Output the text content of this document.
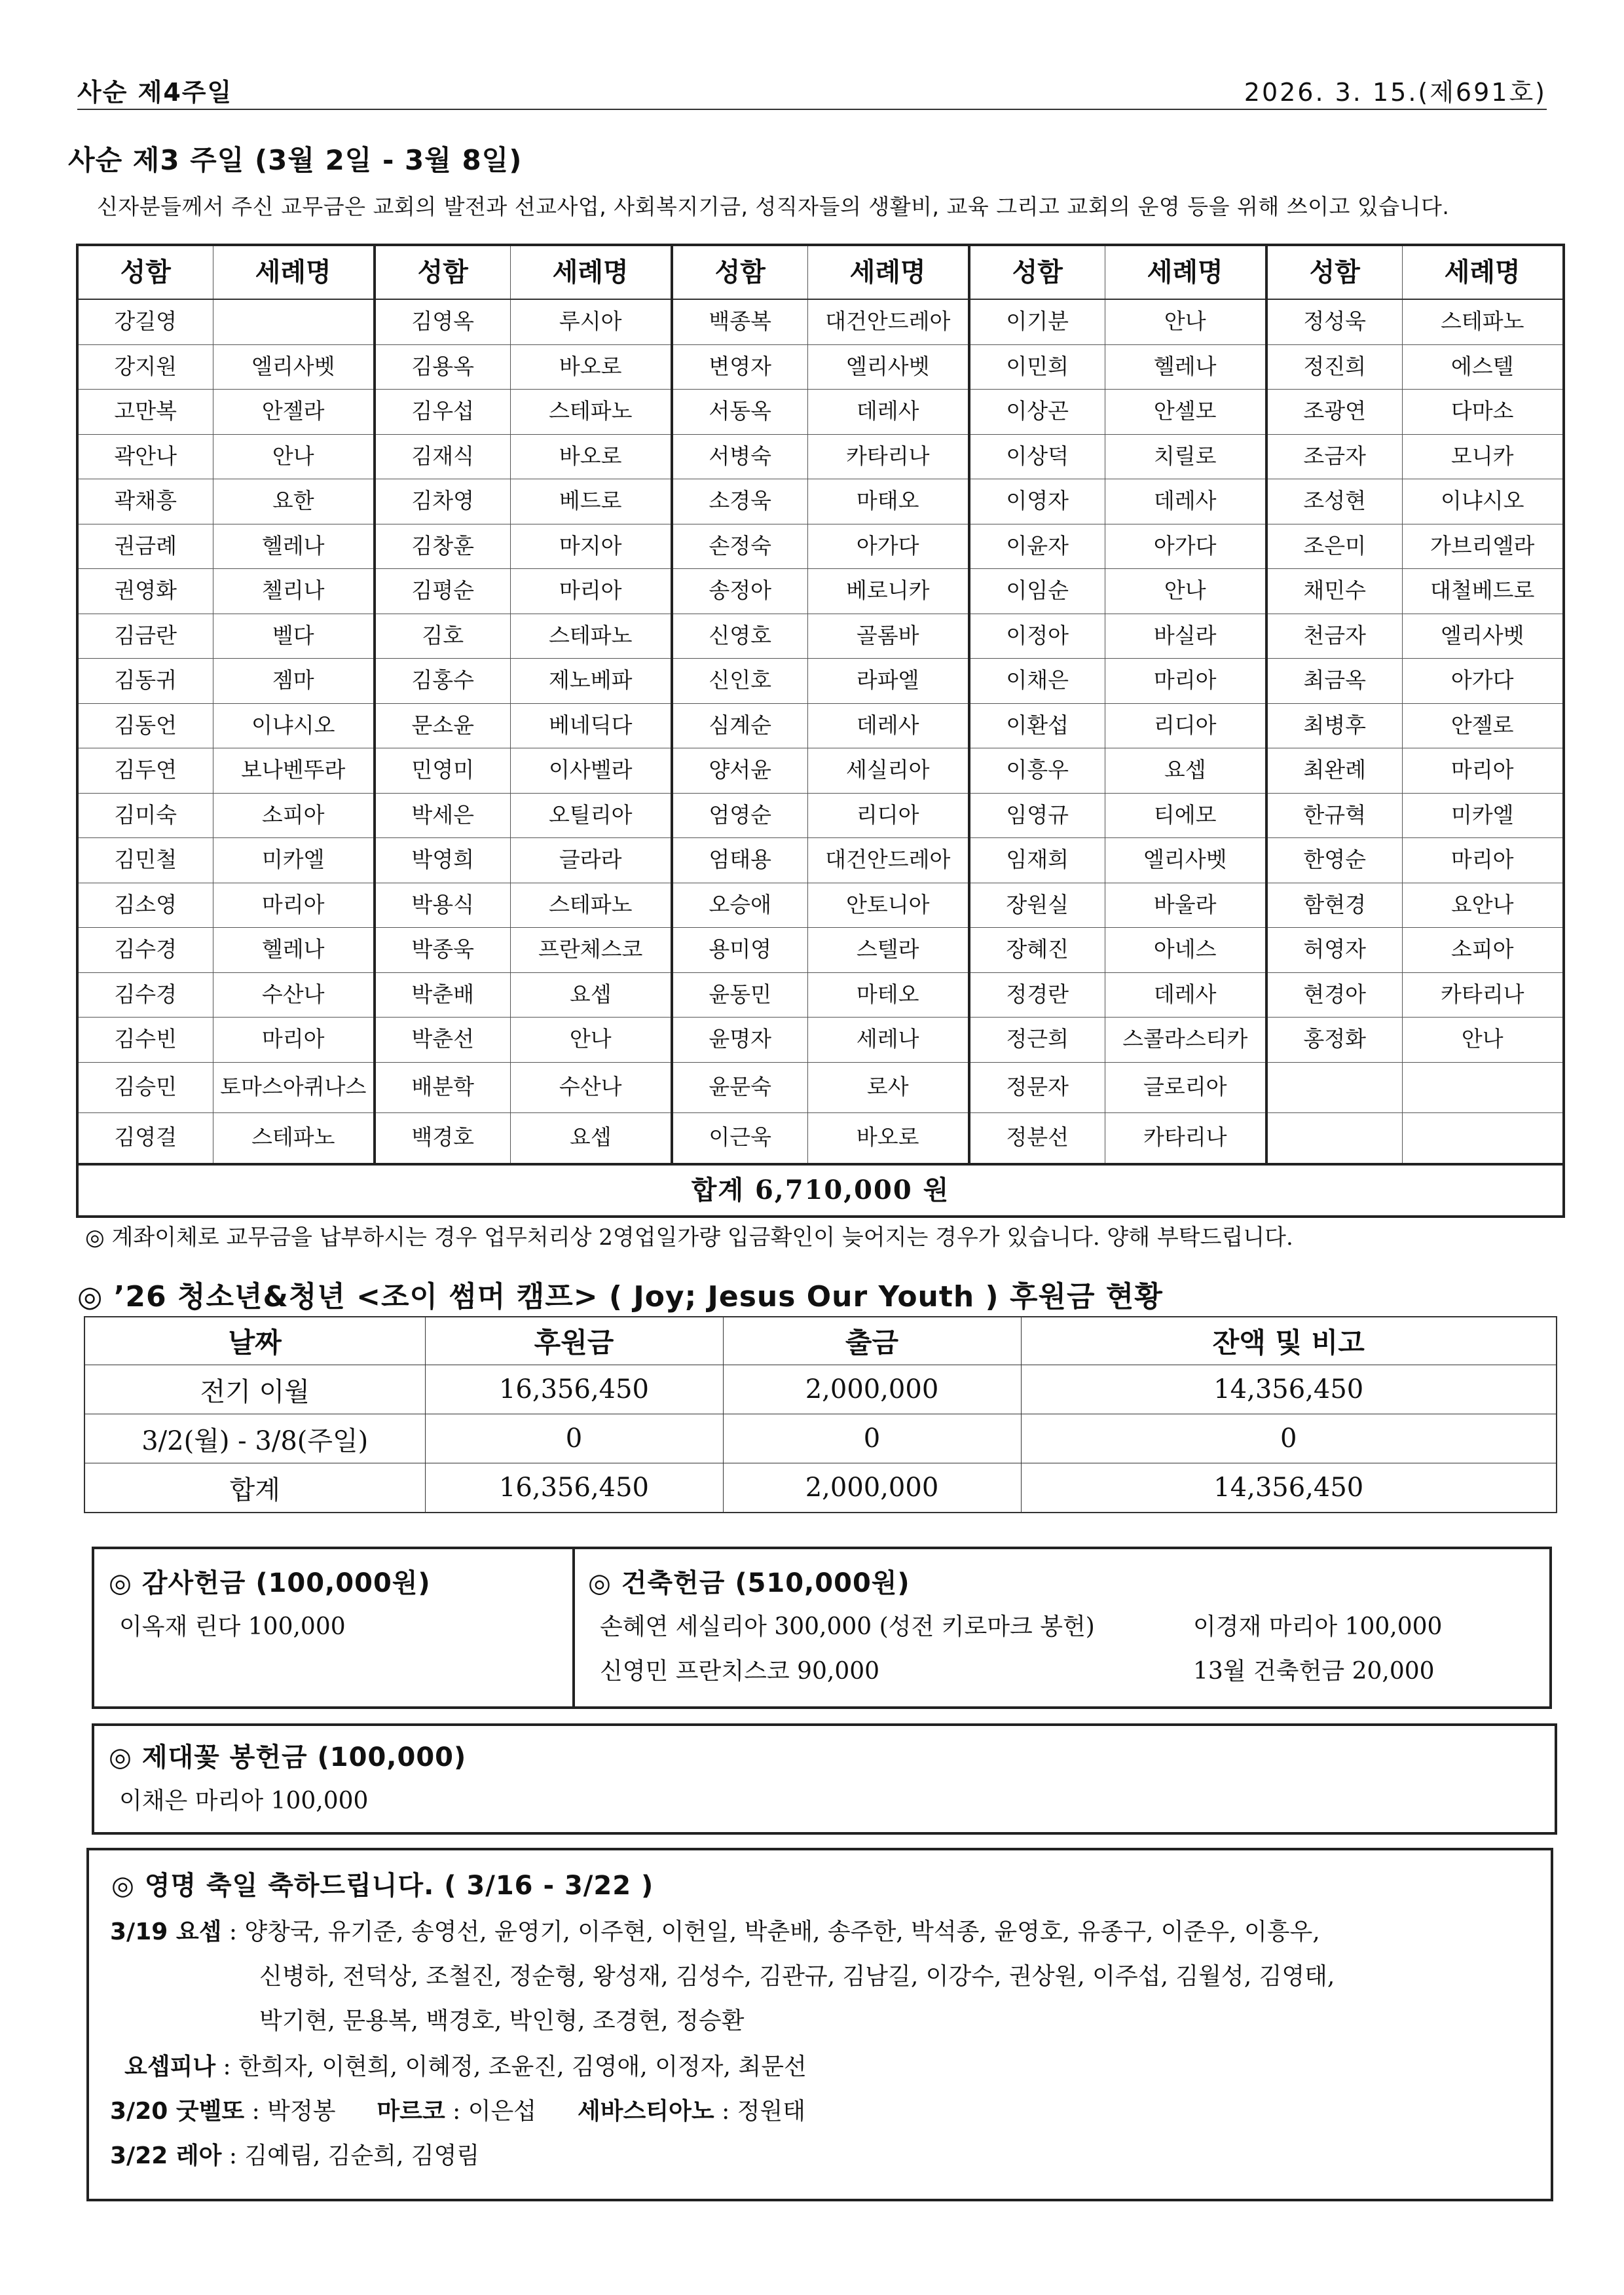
사순 제4주일	2026. 3. 15.(제691호)
사순 제3 주일 (3월 2일 - 3월 8일)
신자분들께서 주신 교무금은 교회의 발전과 선교사업, 사회복지기금, 성직자들의 생활비, 교육 그리고 교회의 운영 등을 위해 쓰이고 있습니다.
성함	세례명	성함	세례명	성함	세례명	성함	세례명	성함	세례명
강길영		김영옥	루시아	백종복	대건안드레아	이기분	안나	정성욱	스테파노
강지원	엘리사벳	김용옥	바오로	변영자	엘리사벳	이민희	헬레나	정진희	에스텔
고만복	안젤라	김우섭	스테파노	서동옥	데레사	이상곤	안셀모	조광연	다마소
곽안나	안나	김재식	바오로	서병숙	카타리나	이상덕	치릴로	조금자	모니카
곽채흥	요한	김차영	베드로	소경욱	마태오	이영자	데레사	조성현	이냐시오
권금례	헬레나	김창훈	마지아	손정숙	아가다	이윤자	아가다	조은미	가브리엘라
권영화	첼리나	김평순	마리아	송정아	베로니카	이임순	안나	채민수	대철베드로
김금란	벨다	김호	스테파노	신영호	골롬바	이정아	바실라	천금자	엘리사벳
김동귀	젬마	김홍수	제노베파	신인호	라파엘	이채은	마리아	최금옥	아가다
김동언	이냐시오	문소윤	베네딕다	심계순	데레사	이환섭	리디아	최병후	안젤로
김두연	보나벤뚜라	민영미	이사벨라	양서윤	세실리아	이흥우	요셉	최완례	마리아
김미숙	소피아	박세은	오틸리아	엄영순	리디아	임영규	티에모	한규혁	미카엘
김민철	미카엘	박영희	글라라	엄태용	대건안드레아	임재희	엘리사벳	한영순	마리아
김소영	마리아	박용식	스테파노	오승애	안토니아	장원실	바울라	함현경	요안나
김수경	헬레나	박종욱	프란체스코	용미영	스텔라	장혜진	아네스	허영자	소피아
김수경	수산나	박춘배	요셉	윤동민	마테오	정경란	데레사	현경아	카타리나
김수빈	마리아	박춘선	안나	윤명자	세레나	정근희	스콜라스티카	홍정화	안나
김승민	토마스아퀴나스	배분학	수산나	윤문숙	로사	정문자	글로리아		
김영걸	스테파노	백경호	요셉	이근욱	바오로	정분선	카타리나		
합계 6,710,000 원									
◎ 계좌이체로 교무금을 납부하시는 경우 업무처리상 2영업일가량 입금확인이 늦어지는 경우가 있습니다. 양해 부탁드립니다.
◎ ’26 청소년&청년 <조이 썸머 캠프> ( Joy; Jesus Our Youth ) 후원금 현황
날짜	후원금	출금	잔액 및 비고
전기 이월	16,356,450	2,000,000	14,356,450
3/2(월) - 3/8(주일)	0	0	0
합계	16,356,450	2,000,000	14,356,450
◎ 감사헌금 (100,000원)
이옥재 린다 100,000
◎ 건축헌금 (510,000원)
손혜연 세실리아 300,000 (성전 키로마크 봉헌)	이경재 마리아 100,000
신영민 프란치스코 90,000	13월 건축헌금 20,000
◎ 제대꽃 봉헌금 (100,000)
이채은 마리아 100,000
◎ 영명 축일 축하드립니다. ( 3/16 - 3/22 )
3/19 요셉 : 양창국, 유기준, 송영선, 윤영기, 이주현, 이헌일, 박춘배, 송주한, 박석종, 윤영호, 유종구, 이준우, 이흥우,
신병하, 전덕상, 조철진, 정순형, 왕성재, 김성수, 김관규, 김남길, 이강수, 권상원, 이주섭, 김월성, 김영태,
박기현, 문용복, 백경호, 박인형, 조경현, 정승환
요셉피나 : 한희자, 이현희, 이혜정, 조윤진, 김영애, 이정자, 최문선
3/20 굿벨또 : 박정봉 마르코 : 이은섭 세바스티아노 : 정원태
3/22 레아 : 김예림, 김순희, 김영림
